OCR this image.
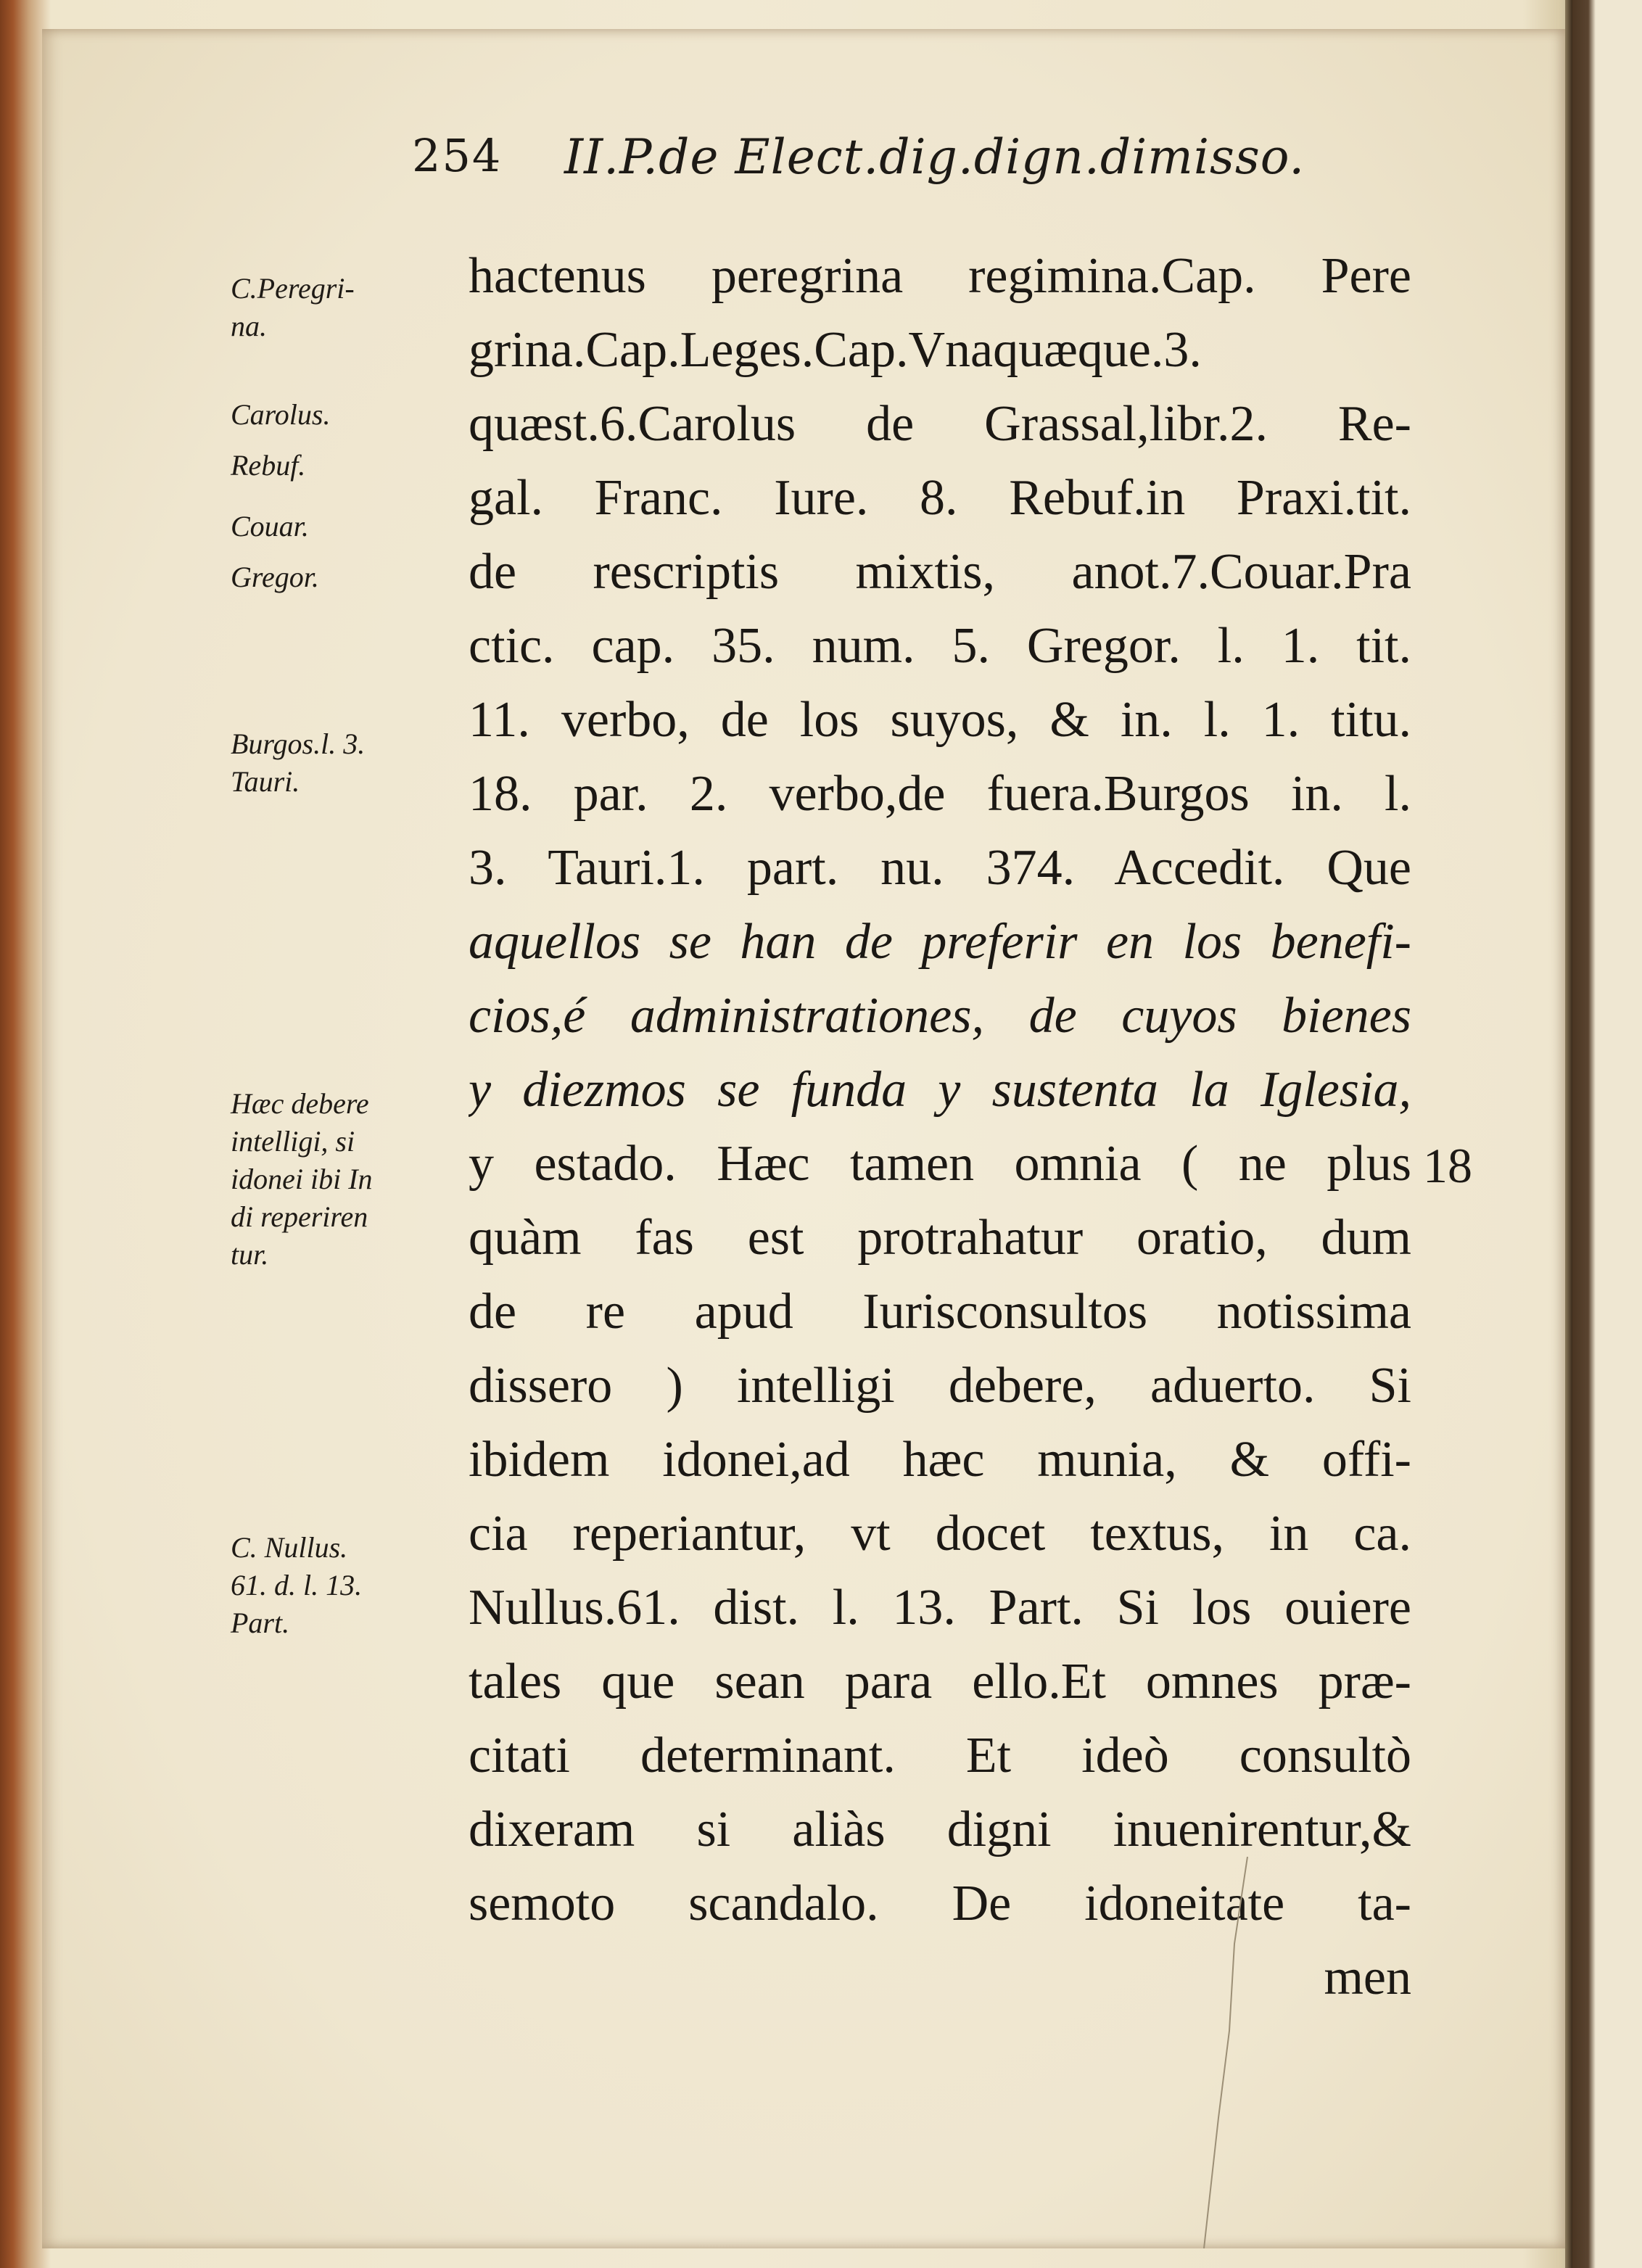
254 II.P.de Elect.dig.dign.dimisso.
C.Peregri-
na.
Carolus.
Rebuf.
Couar.
Gregor.
Burgos.l. 3.
Tauri.
Hæc debere
intelligi, si
idonei ibi In
di reperiren
tur.
C. Nullus.
61. d. l. 13.
Part.
hactenus peregrina regimina.Cap. Pere
grina.Cap.Leges.Cap.Vnaquæque.3.
quæst.6.Carolus de Grassal,libr.2. Re-
gal. Franc. Iure. 8. Rebuf.in Praxi.tit.
de rescriptis mixtis, anot.7.Couar.Pra
ctic. cap. 35. num. 5. Gregor. l. 1. tit.
11. verbo, de los suyos, & in. l. 1. titu.
18. par. 2. verbo,de fuera.Burgos in. l.
3. Tauri.1. part. nu. 374. Accedit. Que
aquellos se han de preferir en los benefi-
cios,é administrationes, de cuyos bienes
y diezmos se funda y sustenta la Iglesia,
y estado. Hæc tamen omnia ( ne plus
quàm fas est protrahatur oratio, dum
de re apud Iurisconsultos notissima
dissero ) intelligi debere, aduerto. Si
ibidem idonei,ad hæc munia, & offi-
cia reperiantur, vt docet textus, in ca.
Nullus.61. dist. l. 13. Part. Si los ouiere
tales que sean para ello.Et omnes præ-
citati determinant. Et ideò consultò
dixeram si aliàs digni inuenirentur,&
semoto scandalo. De idoneitate ta-
men
18
